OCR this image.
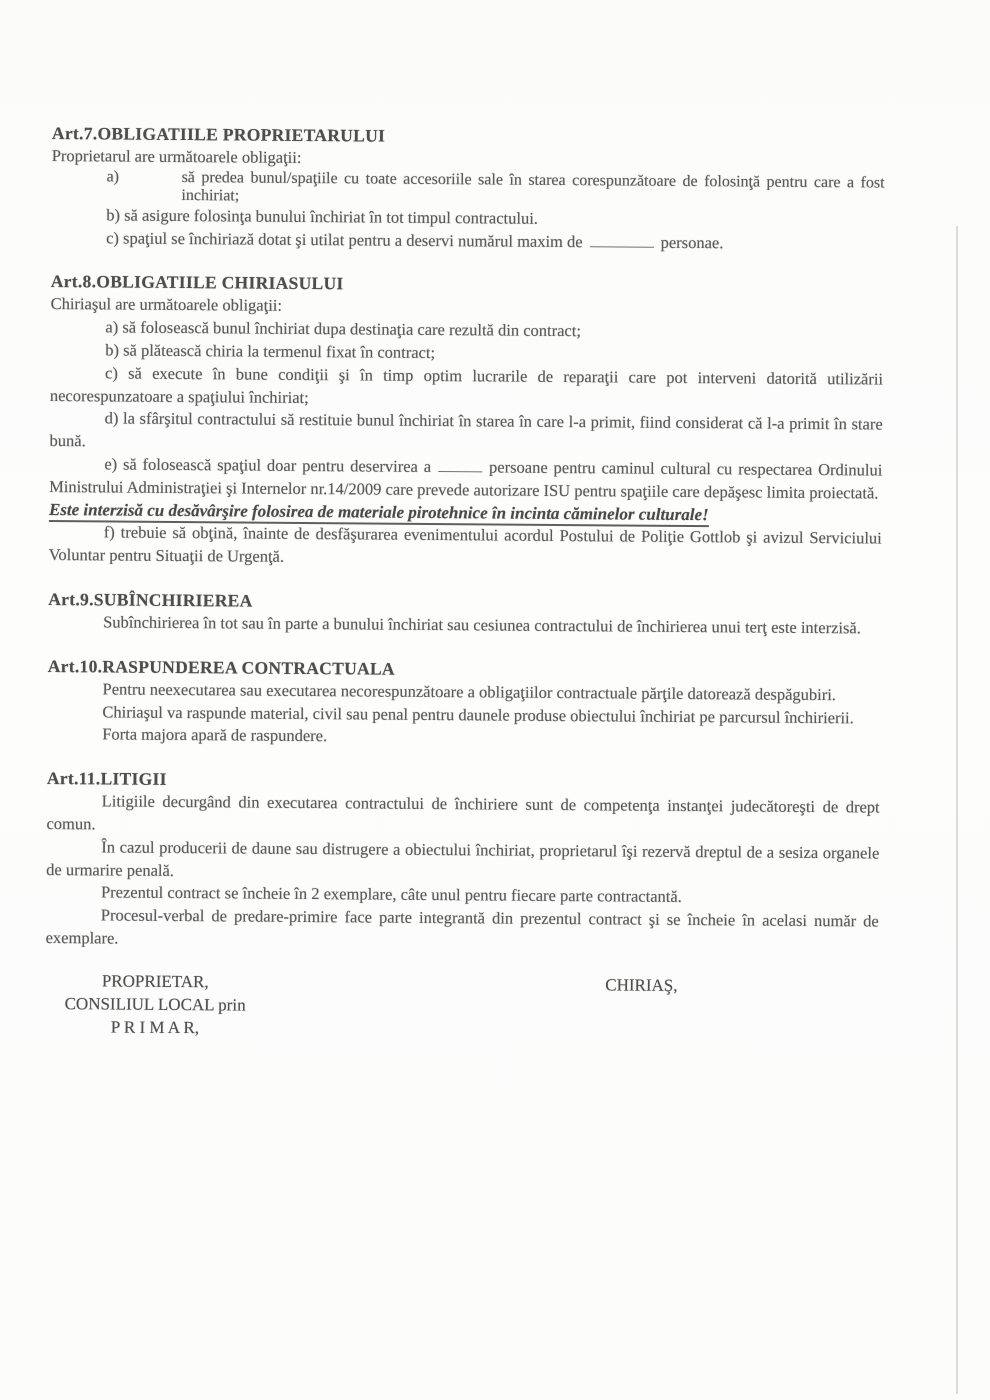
Art.7.OBLIGATIILE PROPRIETARULUI

Proprietarul are următoarele obligaţii:

a)	să predea bunul/spaţiile cu toate accesoriile sale în starea corespunzătoare de folosinţă pentru care a fost inchiriat;

b) să asigure folosinţa bunului închiriat în tot timpul contractului.

c) spaţiul se închiriază dotat şi utilat pentru a deservi numărul maxim de	personae.

Art.8.OBLIGATIILE CHIRIASULUI

Chiriaşul are următoarele obligaţii:

a) să folosească bunul închiriat dupa destinaţia care rezultă din contract;

b) să plătească chiria la termenul fixat în contract;

c) să execute în bune condiţii şi în timp optim lucrarile de reparaţii care pot interveni datorită utilizării necorespunzatoare a spaţiului închiriat;

d) la sfârşitul contractului să restituie bunul închiriat în starea în care l-a primit, fiind considerat că l-a primit în stare bună.

e) să folosească spaţiul doar pentru deservirea a	persoane pentru caminul cultural cu respectarea Ordinului Ministrului Administraţiei şi Internelor nr.14/2009 care prevede autorizare ISU pentru spaţiile care depăşesc limita proiectată.

Este interzisă cu desăvârşire folosirea de materiale pirotehnice în incinta căminelor culturale!

f) trebuie să obţină, înainte de desfăşurarea evenimentului acordul Postului de Poliţie Gottlob şi avizul Serviciului Voluntar pentru Situaţii de Urgenţă.

Art.9.SUBÎNCHIRIEREA

Subînchirierea în tot sau în parte a bunului închiriat sau cesiunea contractului de închirierea unui terţ este interzisă.

Art.10.RASPUNDEREA CONTRACTUALA

Pentru neexecutarea sau executarea necorespunzătoare a obligaţiilor contractuale părţile datorează despăgubiri.

Chiriaşul va raspunde material, civil sau penal pentru daunele produse obiectului închiriat pe parcursul închirierii.

Forta majora apară de raspundere.

Art.11.LITIGII

Litigiile decurgând din executarea contractului de închiriere sunt de competenţa instanţei judecătoreşti de drept comun.

În cazul producerii de daune sau distrugere a obiectului închiriat, proprietarul îşi rezervă dreptul de a sesiza organele de urmarire penală.

Prezentul contract se încheie în 2 exemplare, câte unul pentru fiecare parte contractantă.

Procesul-verbal de predare-primire face parte integrantă din prezentul contract şi se încheie în acelasi număr de exemplare.

PROPRIETAR,
CONSILIUL LOCAL prin
P R I M A R,
CHIRIAŞ,
